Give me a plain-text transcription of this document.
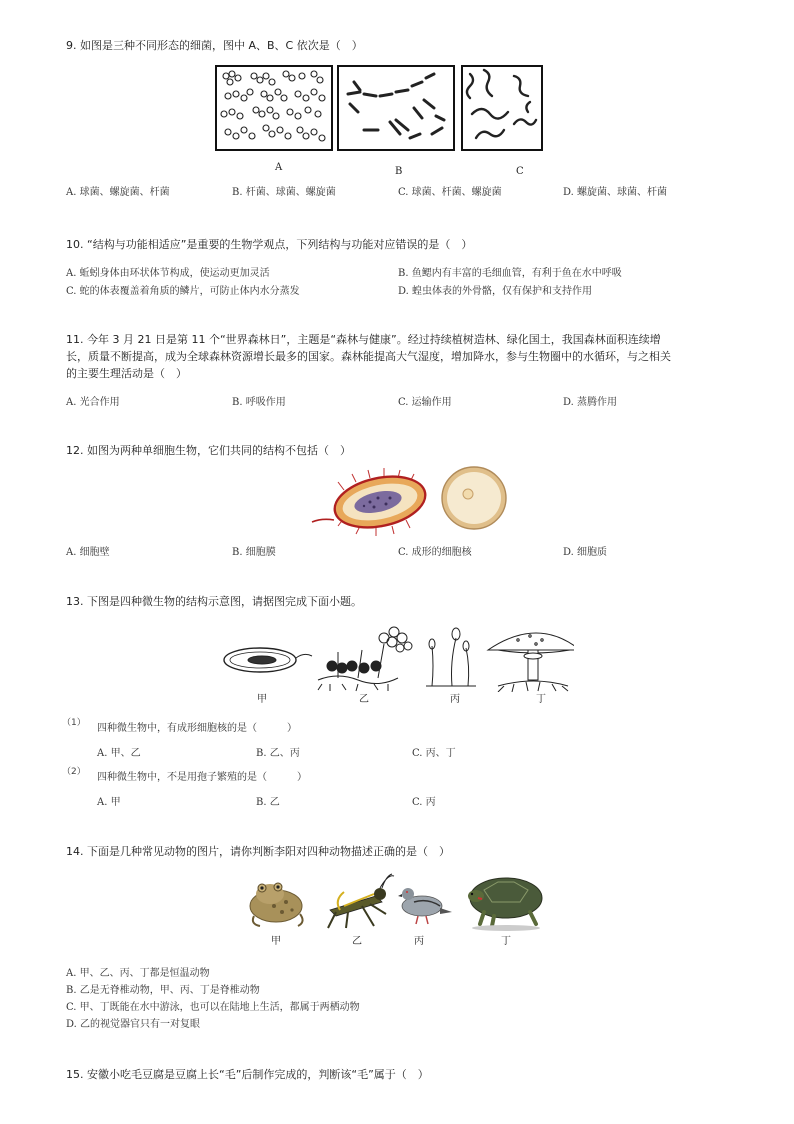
9. 如图是三种不同形态的细菌，图中 A、B、C 依次是（　）
A	B	C
A. 球菌、螺旋菌、杆菌	B. 杆菌、球菌、螺旋菌	C. 球菌、杆菌、螺旋菌	D. 螺旋菌、球菌、杆菌
10. “结构与功能相适应”是重要的生物学观点，下列结构与功能对应错误的是（　）
A. 蚯蚓身体由环状体节构成，使运动更加灵活	B. 鱼鳃内有丰富的毛细血管，有利于鱼在水中呼吸
C. 蛇的体表覆盖着角质的鳞片，可防止体内水分蒸发	D. 蝗虫体表的外骨骼，仅有保护和支持作用
11. 今年 3 月 21 日是第 11 个“世界森林日”，主题是“森林与健康”。经过持续植树造林、绿化国土，我国森林面积连续增
长，质量不断提高，成为全球森林资源增长最多的国家。森林能提高大气湿度，增加降水，参与生物圈中的水循环，与之相关
的主要生理活动是（　）
A. 光合作用	B. 呼吸作用	C. 运输作用	D. 蒸腾作用
12. 如图为两种单细胞生物，它们共同的结构不包括（　）
A. 细胞壁	B. 细胞膜	C. 成形的细胞核	D. 细胞质
13. 下图是四种微生物的结构示意图，请据图完成下面小题。
甲	乙	丙	丁
（1） 四种微生物中，有成形细胞核的是（　　　）
A. 甲、乙	B. 乙、丙	C. 丙、丁
（2） 四种微生物中，不是用孢子繁殖的是（　　　）
A. 甲	B. 乙	C. 丙
14. 下面是几种常见动物的图片，请你判断李阳对四种动物描述正确的是（　）
甲	乙	丙	丁
A. 甲、乙、丙、丁都是恒温动物
B. 乙是无脊椎动物，甲、丙、丁是脊椎动物
C. 甲、丁既能在水中游泳，也可以在陆地上生活，都属于两栖动物
D. 乙的视觉器官只有一对复眼
15. 安徽小吃毛豆腐是豆腐上长“毛”后制作完成的，判断该“毛”属于（　）
